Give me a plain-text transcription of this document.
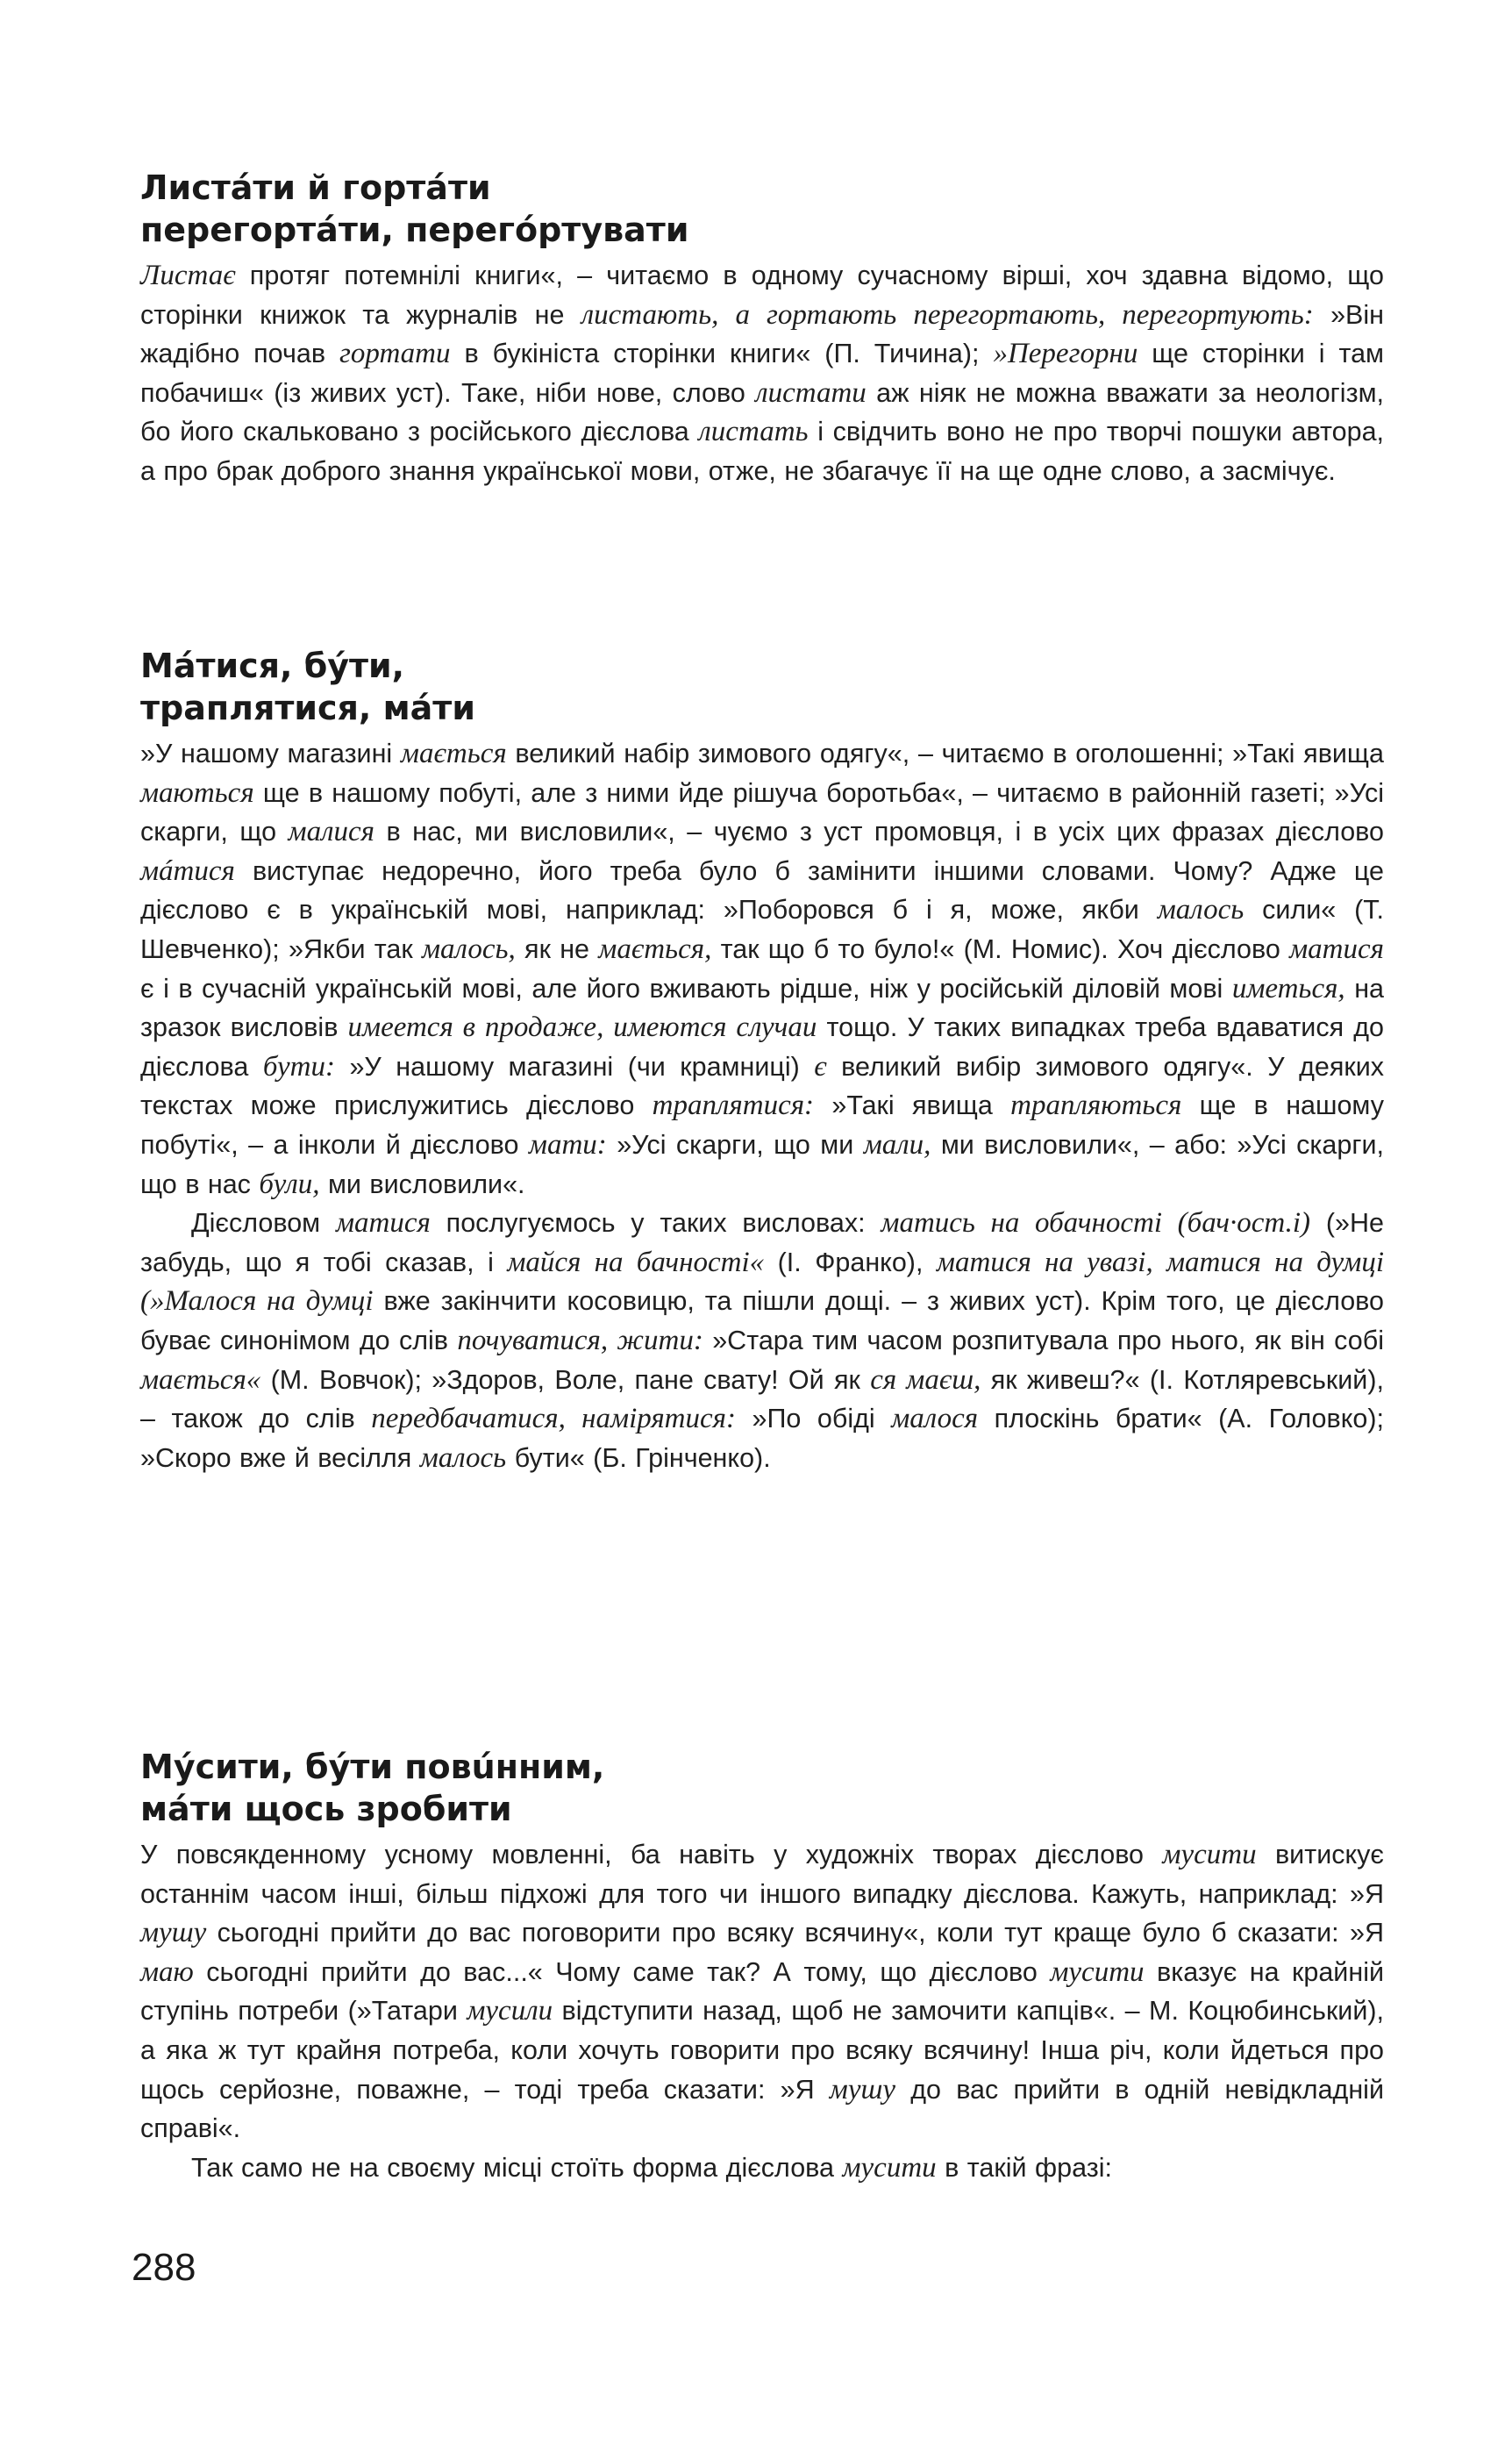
Листáти й гортáти
перегортáти, перегóртувати

Листає протяг потемнілі книги«, – читаємо в одному сучасному вірші, хоч здавна відомо, що сторінки книжок та журналів не листають, а гортають перегортають, перегортують: »Він жадібно почав гортати в букініста сторінки книги« (П. Тичина); »Перегорни ще сторінки і там побачиш« (із живих уст). Таке, ніби нове, слово листати аж ніяк не можна вважати за неологізм, бо його скальковано з російського дієслова листать і свідчить воно не про творчі пошуки автора, а про брак доброго знання української мови, отже, не збагачує її на ще одне слово, а засмічує.

Мáтися, бýти,
траплятися, мáти

»У нашому магазині мається великий набір зимового одягу«, – читаємо в оголошенні; »Такі явища маються ще в нашому побуті, але з ними йде рішуча боротьба«, – читаємо в районній газеті; »Усі скарги, що малися в нас, ми висловили«, – чуємо з уст промовця, і в усіх цих фразах дієслово мáтися виступає недоречно, його треба було б замінити іншими словами. Чому? Адже це дієслово є в українській мові, наприклад: »Поборовся б і я, може, якби малось сили« (Т. Шевченко); »Якби так малось, як не мається, так що б то було!« (М. Номис). Хоч дієслово матися є і в сучасній українській мові, але його вживають рідше, ніж у російській діловій мові иметься, на зразок висловів имеется в продаже, имеются случаи тощо. У таких випадках треба вдаватися до дієслова бути: »У нашому магазині (чи крамниці) є великий вибір зимового одягу«. У деяких текстах може прислужитись дієслово траплятися: »Такі явища трапляються ще в нашому побуті«, – а інколи й дієслово мати: »Усі скарги, що ми мали, ми висловили«, – або: »Усі скарги, що в нас були, ми висловили«.

Дієсловом матися послугуємось у таких висловах: матись на обачності (бач·ост.і) (»Не забудь, що я тобі сказав, і майся на бачності« (І. Франко), матися на увазі, матися на думці (»Малося на думці вже закінчити косовицю, та пішли дощі. – з живих уст). Крім того, це дієслово буває синонімом до слів почуватися, жити: »Стара тим часом розпитувала про нього, як він собі мається« (М. Вовчок); »Здоров, Воле, пане свату! Ой як ся маєш, як живеш?« (І. Котляревський), – також до слів передбачатися, намірятися: »По обіді малося плоскінь брати« (А. Головко); »Скоро вже й весілля малось бути« (Б. Грінченко).

Мýсити, бýти повúнним,
мáти щось зробити

У повсякденному усному мовленні, ба навіть у художніх творах дієслово мусити витискує останнім часом інші, більш підхожі для того чи іншого випадку дієслова. Кажуть, наприклад: »Я мушу сьогодні прийти до вас поговорити про всяку всячину«, коли тут краще було б сказати: »Я маю сьогодні прийти до вас...« Чому саме так? А тому, що дієслово мусити вказує на крайній ступінь потреби (»Татари мусили відступити назад, щоб не замочити капців«. – М. Коцюбинський), а яка ж тут крайня потреба, коли хочуть говорити про всяку всячину! Інша річ, коли йдеться про щось серйозне, поважне, – тоді треба сказати: »Я мушу до вас прийти в одній невідкладній справі«.

Так само не на своєму місці стоїть форма дієслова мусити в такій фразі:

288
